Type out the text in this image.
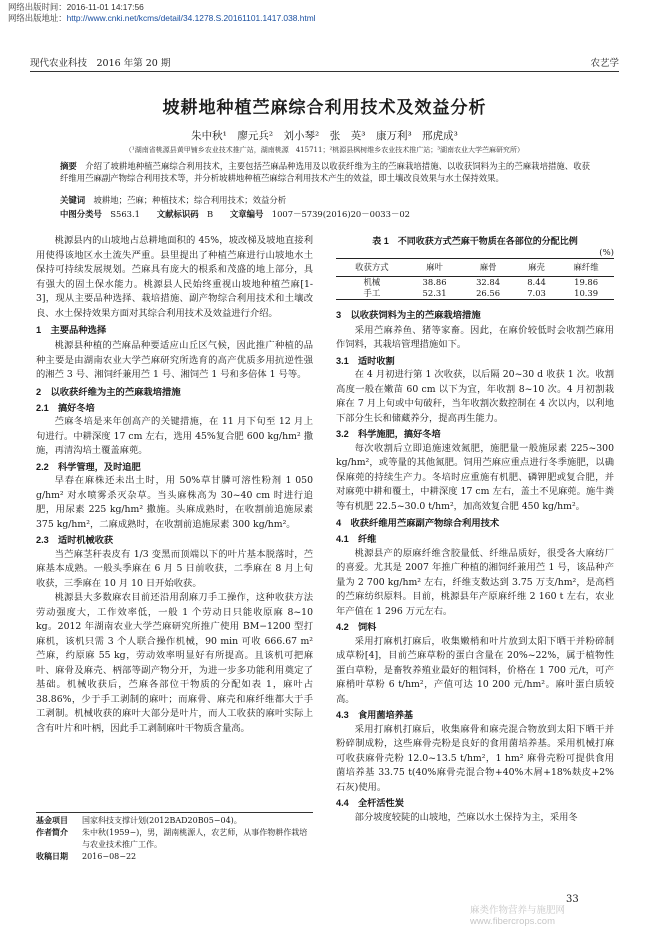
网络出版时间：2016-11-01 14:17:56
网络出版地址：http://www.cnki.net/kcms/detail/34.1278.S.20161101.1417.038.html
现代农业科技　2016 年第 20 期	农艺学
坡耕地种植苎麻综合利用技术及效益分析
朱中秋¹　廖元兵²　刘小琴²　张　英³　康万利³　邢虎成³
（¹湖南省桃源县黄甲铺乡农业技术推广站，湖南桃源　415711；²桃源县枫树维乡农业技术推广站；³湖南农业大学苎麻研究所）
摘要　 介绍了坡耕地种植苎麻综合利用技术，主要包括苎麻品种选用及以收获纤维为主的苎麻栽培措施、以收获饲料为主的苎麻栽培措施、收获纤维用苎麻副产物综合利用技术等，并分析坡耕地种植苎麻综合利用技术产生的效益，即土壤改良效果与水土保持效果。
关键词　 坡耕地；苎麻；种植技术；综合利用技术；效益分析
中图分类号　 S563.1　　 文献标识码　 B　　 文章编号　 1007－5739(2016)20－0033－02

桃源县内的山坡地占总耕地面积的 45%，坡改梯及坡地直接利用使得该地区水土流失严重。县里提出了种植苎麻进行山坡地水土保持可持续发展规划。苎麻具有庞大的根系和茂盛的地上部分，具有强大的固土保水能力。桃源县人民始终重视山坡地种植苎麻[1-3]，现从主要品种选择、栽培措施、副产物综合利用技术和土壤改良、水土保持效果方面对其综合利用技术及效益进行介绍。

1　主要品种选择

桃源县种植的苎麻品种要适应山丘区气候，因此推广种植的品种主要是由湖南农业大学苎麻研究所选育的高产优质多用抗逆性强的湘苎 3 号、湘饲纤兼用苎 1 号、湘饲苎 1 号和多倍体 1 号等。

2　以收获纤维为主的苎麻栽培措施
2.1　搞好冬培

苎麻冬培是来年创高产的关键措施，在 11 月下旬至 12 月上旬进行。中耕深度 17 cm 左右，选用 45%复合肥 600 kg/hm² 撒施，再清沟培土覆盖麻蔸。

2.2　科学管理，及时追肥

早春在麻株还未出土时，用 50%草甘膦可溶性粉剂 1 050 g/hm² 对水喷雾杀灭杂草。当头麻株高为 30~40 cm 时进行追肥，用尿素 225 kg/hm² 撒施。头麻成熟时，在收割前追施尿素 375 kg/hm²，二麻成熟时，在收割前追施尿素 300 kg/hm²。

2.3　适时机械收获

当苎麻茎秆表皮有 1/3 变黑而顶端以下的叶片基本脱落时，苎麻基本成熟。一般头季麻在 6 月 5 日前收获，二季麻在 8 月上旬收获，三季麻在 10 月 10 日开始收获。

桃源县大多数麻农目前还沿用刮麻刀手工操作，这种收获方法劳动强度大，工作效率低，一般 1 个劳动日只能收原麻 8~10 kg。2012 年湖南农业大学苎麻研究所推广使用 BM−1200 型打麻机，该机只需 3 个人联合操作机械，90 min 可收 666.67 m² 苎麻，约原麻 55 kg，劳动效率明显好有所提高。且该机可把麻叶、麻骨及麻壳、柄部等副产物分开，为进一步多功能利用奠定了基础。机械收获后，苎麻各部位干物质的分配如表 1，麻叶占 38.86%，少于手工剥制的麻叶；而麻骨、麻壳和麻纤维都大于手工剥制。机械收获的麻叶大部分是叶片，而人工收获的麻叶实际上含有叶片和叶柄，因此手工剥制麻叶干物质含量高。

基金项目	国家科技支撑计划(2012BAD20B05−04)。
作者简介	朱中秋(1959−)，男，湖南桃源人，农艺师，从事作物耕作栽培与农业技术推广工作。
收稿日期	2016−08−22
表 1　不同收获方式苎麻干物质在各部位的分配比例
(%)
收获方式	麻叶	麻骨	麻壳	麻纤维
机械	38.86	32.84	8.44	19.86
手工	52.31	26.56	7.03	10.39
3　以收获饲料为主的苎麻栽培措施

采用苎麻养鱼、猪等家畜。因此，在麻价较低时会收割苎麻用作饲料，其栽培管理措施如下。

3.1　适时收割

在 4 月初进行第 1 次收获，以后隔 20~30 d 收获 1 次。收割高度一般在嫩苗 60 cm 以下为宜，年收割 8~10 次。4 月初割栽麻在 7 月上旬或中旬破秆，当年收割次数控制在 4 次以内，以利地下部分生长和储藏养分，提高再生能力。

3.2　科学施肥，搞好冬培

每次收割后立即追施速效氮肥，施肥量一般施尿素 225~300 kg/hm²，或等量的其他氮肥。饲用苎麻应重点进行冬季施肥，以确保麻蔸的持续生产力。冬培时应重施有机肥、磷钾肥或复合肥，并对麻蔸中耕和覆土，中耕深度 17 cm 左右，盖土不见麻蔸。施牛粪等有机肥 22.5~30.0 t/hm²，加高效复合肥 450 kg/hm²。

4　收获纤维用苎麻副产物综合利用技术
4.1　纤维

桃源县产的原麻纤维含胶量低、纤维品质好，很受各大麻纺厂的喜爱。尤其是 2007 年推广种植的湘饲纤兼用苎 1 号，该品种产量为 2 700 kg/hm² 左右，纤维支数达到 3.75 万支/hm²，是高档的苎麻纺织原料。目前，桃源县年产原麻纤维 2 160 t 左右，农业年产值在 1 296 万元左右。

4.2　饲料

采用打麻机打麻后，收集嫩梢和叶片放到太阳下晒干并粉碎制成草粉[4]，目前苎麻草粉的蛋白含量在 20%~22%，属于植物性蛋白草粉，是畜牧养殖业最好的粗饲料，价格在 1 700 元/t，可产麻梢叶草粉 6 t/hm²，产值可达 10 200 元/hm²。麻叶蛋白质较高。

4.3　食用菌培养基

采用打麻机打麻后，收集麻骨和麻壳混合物放到太阳下晒干并粉碎制成粉，这些麻骨壳粉是良好的食用菌培养基。采用机械打麻可收获麻骨壳粉 12.0~13.5 t/hm²，1 hm² 麻骨壳粉可提供食用菌培养基 33.75 t(40%麻骨壳混合物+40%木屑+18%麸皮+2%石灰)使用。

4.4　全杆活性炭

部分坡度较陡的山坡地，苎麻以水土保持为主，采用冬

33
麻类作物营养与施肥网 www.fibercrops.com
